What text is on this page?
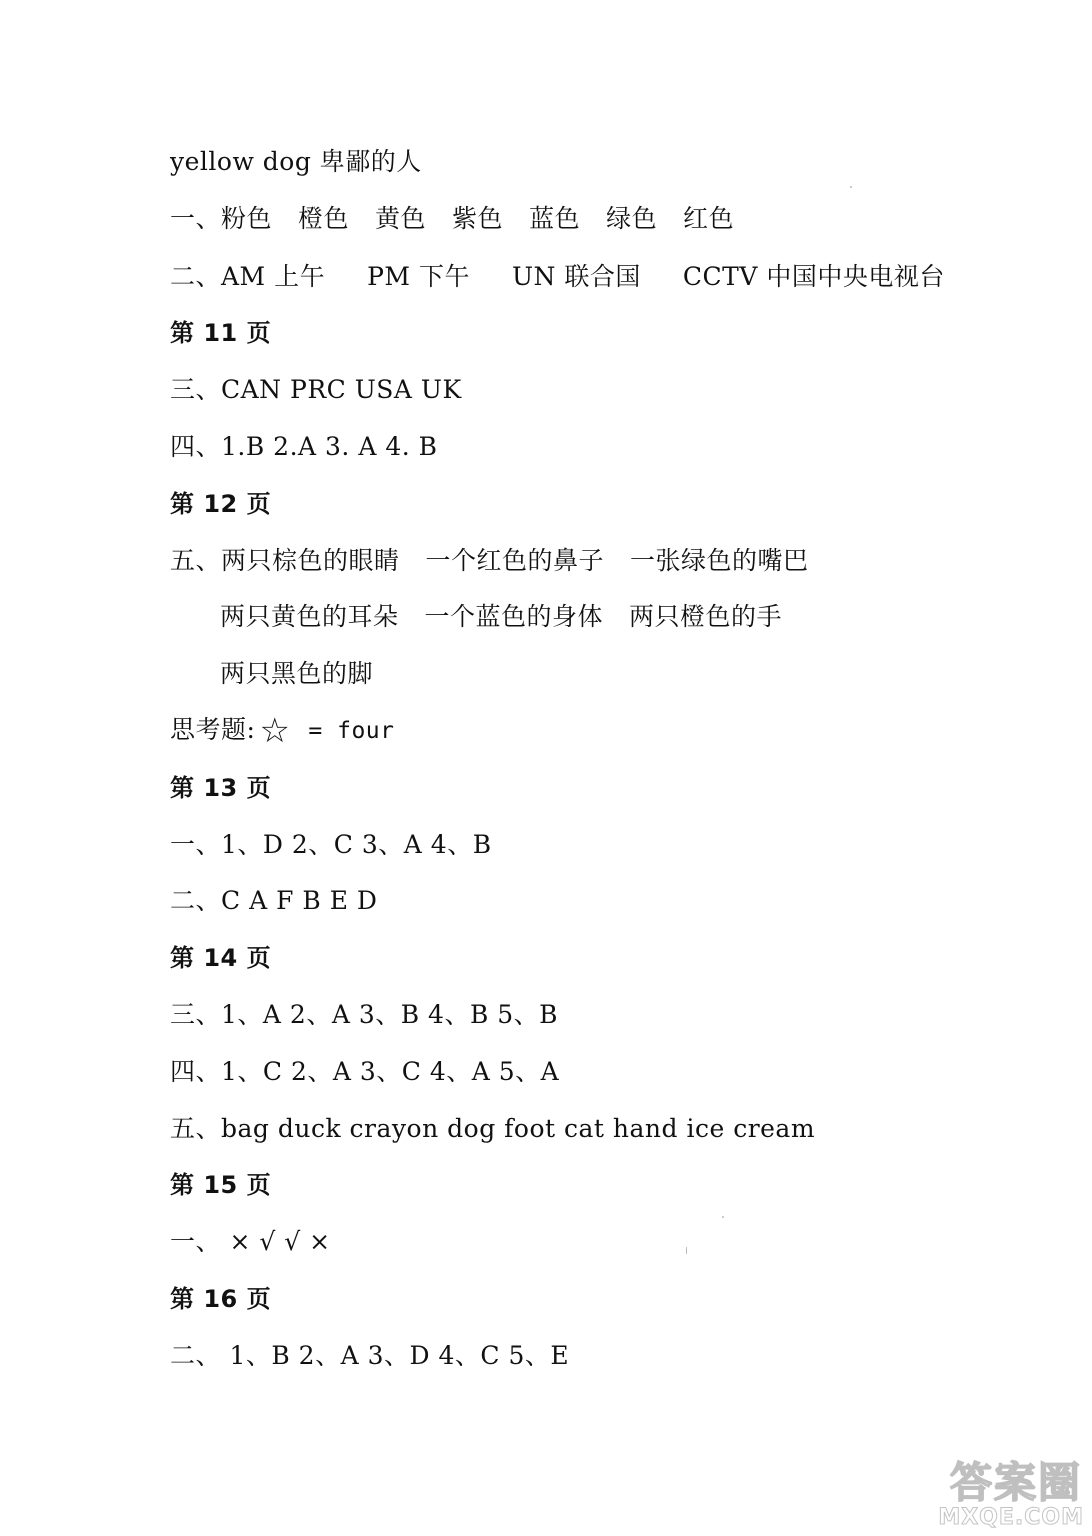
yellow dog 卑鄙的人
一、粉色 橙色 黄色 紫色 蓝色 绿色 红色
二、AM 上午 PM 下午 UN 联合国 CCTV 中国中央电视台
第 11 页
三、CAN PRC USA UK
四、1.B 2.A 3. A 4. B
第 12 页
五、两只棕色的眼睛 一个红色的鼻子 一张绿色的嘴巴
两只黄色的耳朵 一个蓝色的身体 两只橙色的手
两只黑色的脚
思考题: ☆ = four
第 13 页
一、1、D 2、C 3、A 4、B
二、C A F B E D
第 14 页
三、1、A 2、A 3、B 4、B 5、B
四、1、C 2、A 3、C 4、A 5、A
五、bag duck crayon dog foot cat hand ice cream
第 15 页
一、 × √ √ ×
第 16 页
二、 1、B 2、A 3、D 4、C 5、E
答案圈
MXQE.COM
